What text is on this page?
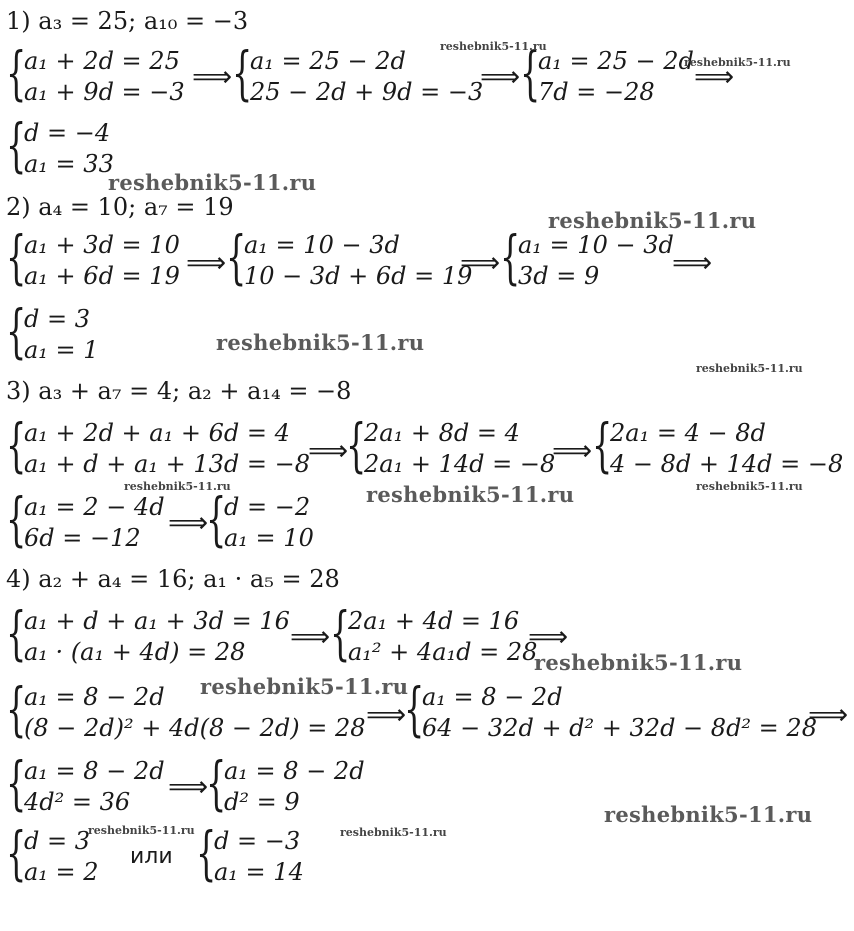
1) a₃ = 25; a₁₀ = −3
{
a₁ + 2d = 25
a₁ + 9d = −3 ⟹ {
a₁ = 25 − 2d
25 − 2d + 9d = −3
⟹ {
a₁ = 25 − 2d
7d = −28	⟹
{
d = −4
a₁ = 33
2) a₄ = 10; a₇ = 19
{
a₁ + 3d = 10
a₁ + 6d = 19 ⟹ {
a₁ = 10 − 3d
10 − 3d + 6d = 19
⟹ {
a₁ = 10 − 3d
3d = 9	⟹
{
d = 3
a₁ = 1
3) a₃ + a₇ = 4; a₂ + a₁₄ = −8
{
a₁ + 2d + a₁ + 6d = 4
a₁ + d + a₁ + 13d = −8
⟹
{
2a₁ + 8d = 4
2a₁ + 14d = −8
⟹ {
2a₁ = 4 − 8d
4 − 8d + 14d = −8
{
a₁ = 2 − 4d
6d = −12 ⟹
{
d = −2
a₁ = 10
4) a₂ + a₄ = 16; a₁ · a₅ = 28
{
a₁ + d + a₁ + 3d = 16
a₁ · (a₁ + 4d) = 28	⟹ {
2a₁ + 4d = 16
a₁² + 4a₁d = 28
⟹
{
a₁ = 8 − 2d
(8 − 2d)² + 4d(8 − 2d) = 28 ⟹
{
a₁ = 8 − 2d
64 − 32d + d² + 32d − 8d² = 28
⟹
{
a₁ = 8 − 2d
4d² = 36	⟹
{
a₁ = 8 − 2d
d² = 9
{
d = 3
a₁ = 2
или {
d = −3
a₁ = 14
reshebnik5-11.ru
reshebnik5-11.ru
reshebnik5-11.ru
reshebnik5-11.ru
reshebnik5-11.ru
reshebnik5-11.ru
reshebnik5-11.ru	reshebnik5-11.ru	reshebnik5-11.ru
reshebnik5-11.ru
reshebnik5-11.ru
reshebnik5-11.ru
reshebnik5-11.ru	reshebnik5-11.ru
